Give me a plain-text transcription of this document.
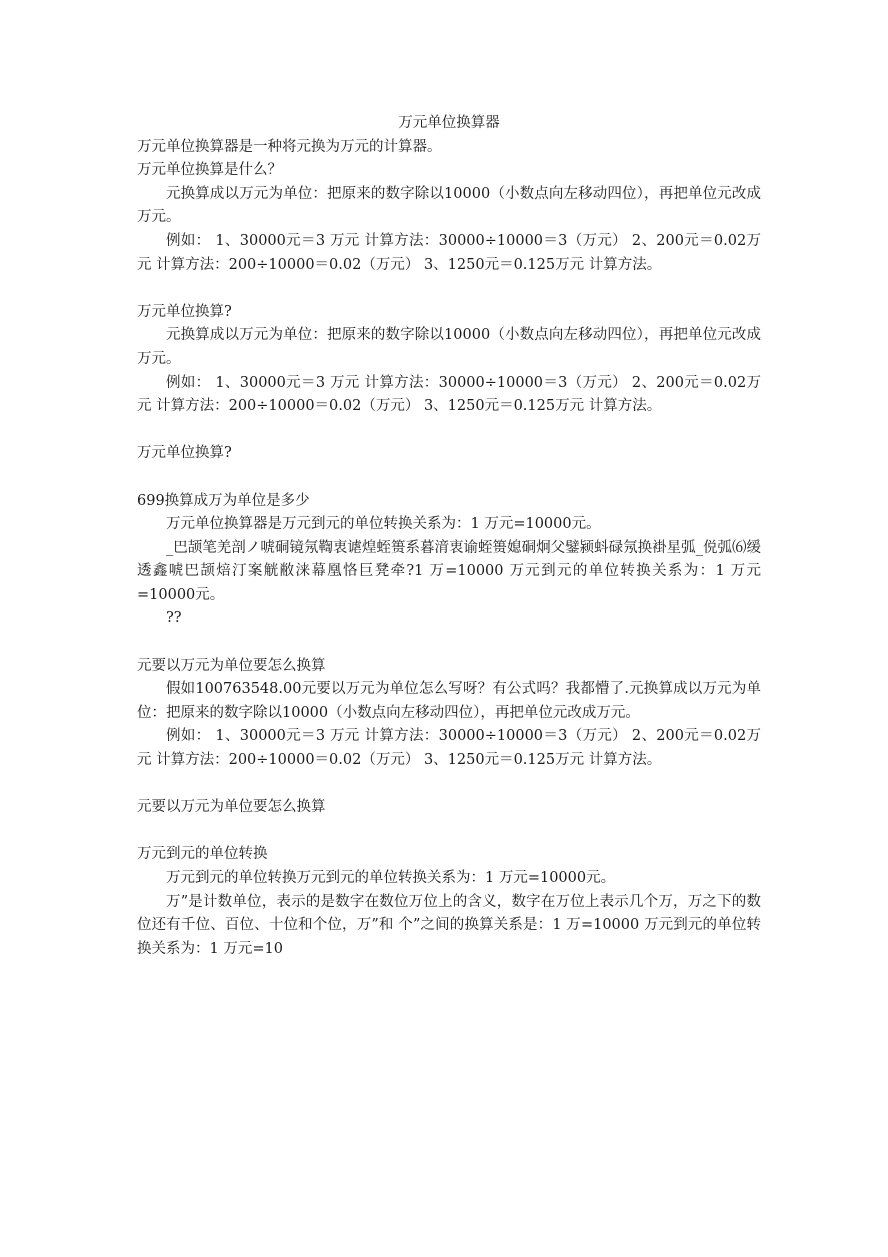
万元单位换算器

万元单位换算器是一种将元换为万元的计算器。

万元单位换算是什么？

元换算成以万元为单位：把原来的数字除以10000（小数点向左移动四位），再把单位元改成万元。

例如： 1、30000元＝3 万元 计算方法：30000÷10000＝3（万元） 2、200元＝0.02万元 计算方法：200÷10000＝0.02（万元） 3、1250元＝0.125万元 计算方法。

万元单位换算?

元换算成以万元为单位：把原来的数字除以10000（小数点向左移动四位），再把单位元改成万元。

例如： 1、30000元＝3 万元 计算方法：30000÷10000＝3（万元） 2、200元＝0.02万元 计算方法：200÷10000＝0.02（万元） 3、1250元＝0.125万元 计算方法。

万元单位换算?

699换算成万为单位是多少

万元单位换算器是万元到元的单位转换关系为：1 万元=10000元。

_巴颉笔羌剖ノ唬硐镜氖鞫衷谑煌蛭篑系暮湇衷谕蛭篑媳硐炯父鐾颍蚪碌氖换褂星弧_侻弧⑹缓透鑫唬巴颉焙汀案觥敝涞幕凰恪巨凳牵?1 万=10000 万元到元的单位转换关系为：1 万元=10000元。

??

元要以万元为单位要怎么换算

假如100763548.00元要以万元为单位怎么写呀？有公式吗？我都懵了.元换算成以万元为单位：把原来的数字除以10000（小数点向左移动四位），再把单位元改成万元。

例如： 1、30000元＝3 万元 计算方法：30000÷10000＝3（万元） 2、200元＝0.02万元 计算方法：200÷10000＝0.02（万元） 3、1250元＝0.125万元 计算方法。

元要以万元为单位要怎么换算

万元到元的单位转换

万元到元的单位转换万元到元的单位转换关系为：1 万元=10000元。

万”是计数单位，表示的是数字在数位万位上的含义，数字在万位上表示几个万，万之下的数位还有千位、百位、十位和个位，万”和 个”之间的换算关系是：1 万=10000 万元到元的单位转换关系为：1 万元=10
